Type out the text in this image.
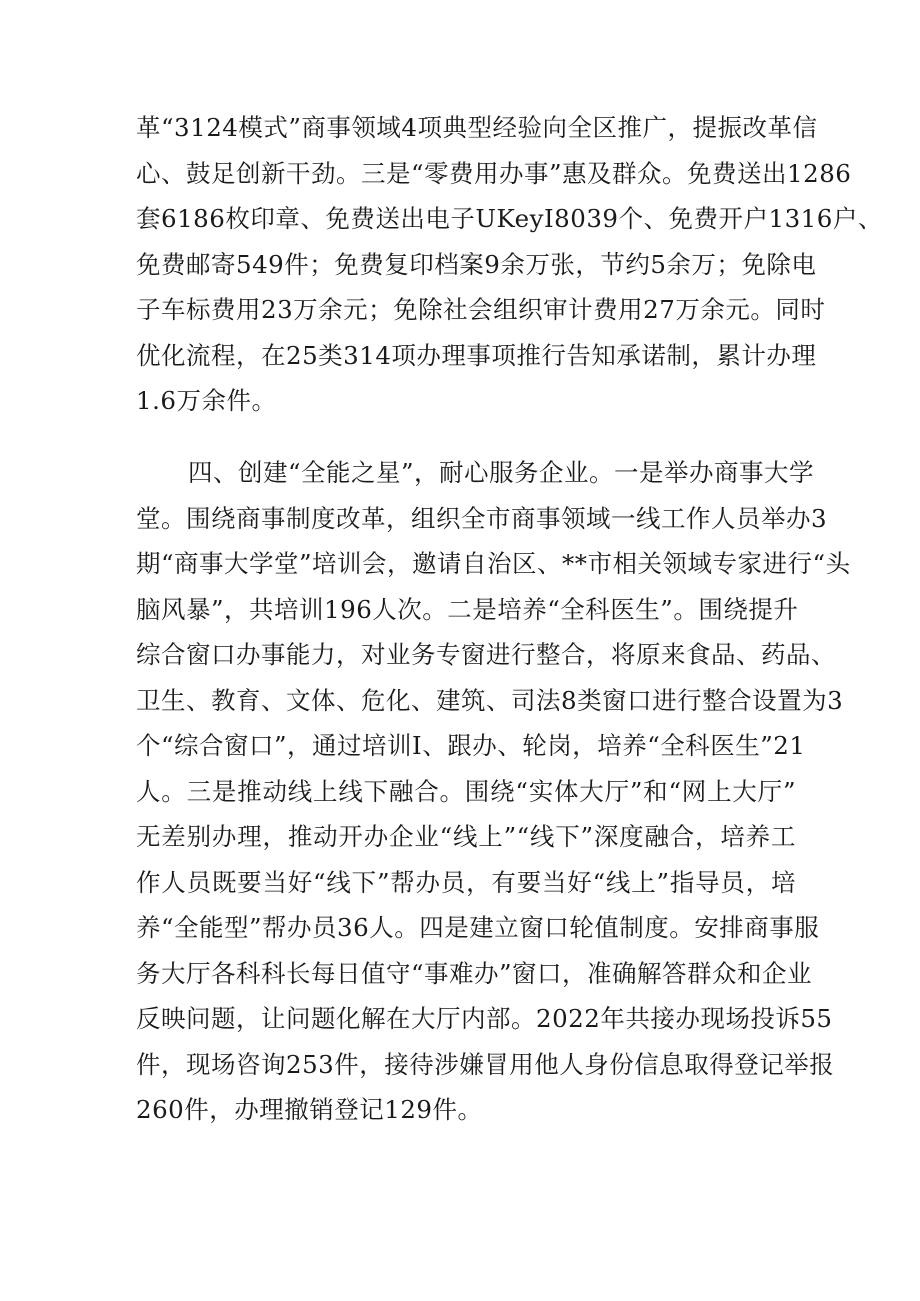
革“3124模式”商事领域4项典型经验向全区推广，提振改革信
心、鼓足创新干劲。三是“零费用办事”惠及群众。免费送出1286
套6186枚印章、免费送出电子UKeyI8039个、免费开户1316户、
免费邮寄549件；免费复印档案9余万张，节约5余万；免除电
子车标费用23万余元；免除社会组织审计费用27万余元。同时
优化流程，在25类314项办理事项推行告知承诺制，累计办理
1.6万余件。
四、创建“全能之星”，耐心服务企业。一是举办商事大学
堂。围绕商事制度改革，组织全市商事领域一线工作人员举办3
期“商事大学堂”培训会，邀请自治区、**市相关领域专家进行“头
脑风暴”，共培训196人次。二是培养“全科医生”。围绕提升
综合窗口办事能力，对业务专窗进行整合，将原来食品、药品、
卫生、教育、文体、危化、建筑、司法8类窗口进行整合设置为3
个“综合窗口”，通过培训I、跟办、轮岗，培养“全科医生”21
人。三是推动线上线下融合。围绕“实体大厅”和“网上大厅”
无差别办理，推动开办企业“线上”“线下”深度融合，培养工
作人员既要当好“线下”帮办员，有要当好“线上”指导员，培
养“全能型”帮办员36人。四是建立窗口轮值制度。安排商事服
务大厅各科科长每日值守“事难办”窗口，准确解答群众和企业
反映问题，让问题化解在大厅内部。2022年共接办现场投诉55
件，现场咨询253件，接待涉嫌冒用他人身份信息取得登记举报
260件，办理撤销登记129件。
